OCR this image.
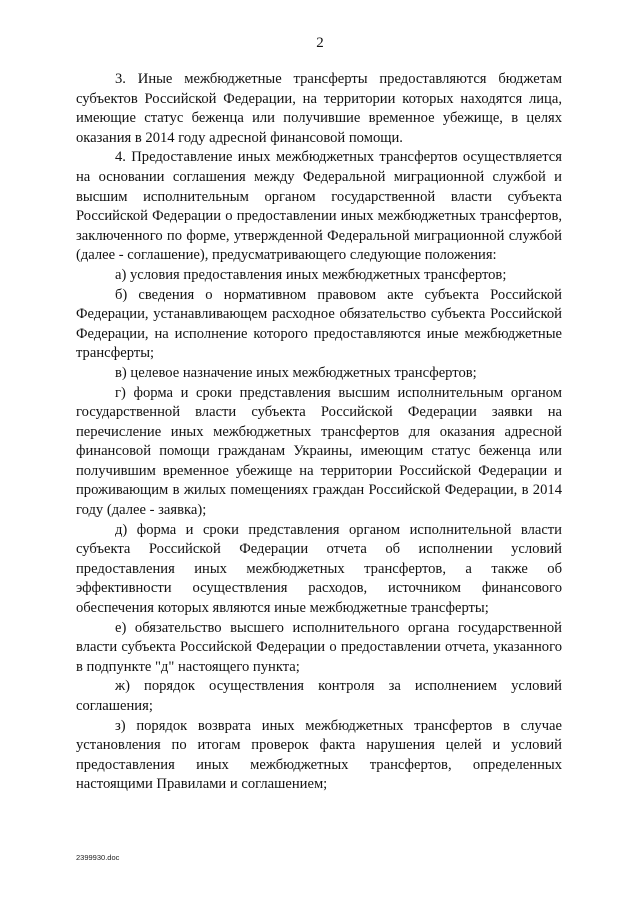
2

3. Иные межбюджетные трансферты предоставляются бюджетам субъектов Российской Федерации, на территории которых находятся лица, имеющие статус беженца или получившие временное убежище, в целях оказания в 2014 году адресной финансовой помощи.

4. Предоставление иных межбюджетных трансфертов осуществляется на основании соглашения между Федеральной миграционной службой и высшим исполнительным органом государственной власти субъекта Российской Федерации о предоставлении иных межбюджетных трансфертов, заключенного по форме, утвержденной Федеральной миграционной службой (далее - соглашение), предусматривающего следующие положения:

а) условия предоставления иных межбюджетных трансфертов;

б) сведения о нормативном правовом акте субъекта Российской Федерации, устанавливающем расходное обязательство субъекта Российской Федерации, на исполнение которого предоставляются иные межбюджетные трансферты;

в) целевое назначение иных межбюджетных трансфертов;

г) форма и сроки представления высшим исполнительным органом государственной власти субъекта Российской Федерации заявки на перечисление иных межбюджетных трансфертов для оказания адресной финансовой помощи гражданам Украины, имеющим статус беженца или получившим временное убежище на территории Российской Федерации и проживающим в жилых помещениях граждан Российской Федерации, в 2014 году (далее - заявка);

д) форма и сроки представления органом исполнительной власти субъекта Российской Федерации отчета об исполнении условий предоставления иных межбюджетных трансфертов, а также об эффективности осуществления расходов, источником финансового обеспечения которых являются иные межбюджетные трансферты;

е) обязательство высшего исполнительного органа государственной власти субъекта Российской Федерации о предоставлении отчета, указанного в подпункте "д" настоящего пункта;

ж) порядок осуществления контроля за исполнением условий соглашения;

з) порядок возврата иных межбюджетных трансфертов в случае установления по итогам проверок факта нарушения целей и условий предоставления иных межбюджетных трансфертов, определенных настоящими Правилами и соглашением;

2399930.doc
